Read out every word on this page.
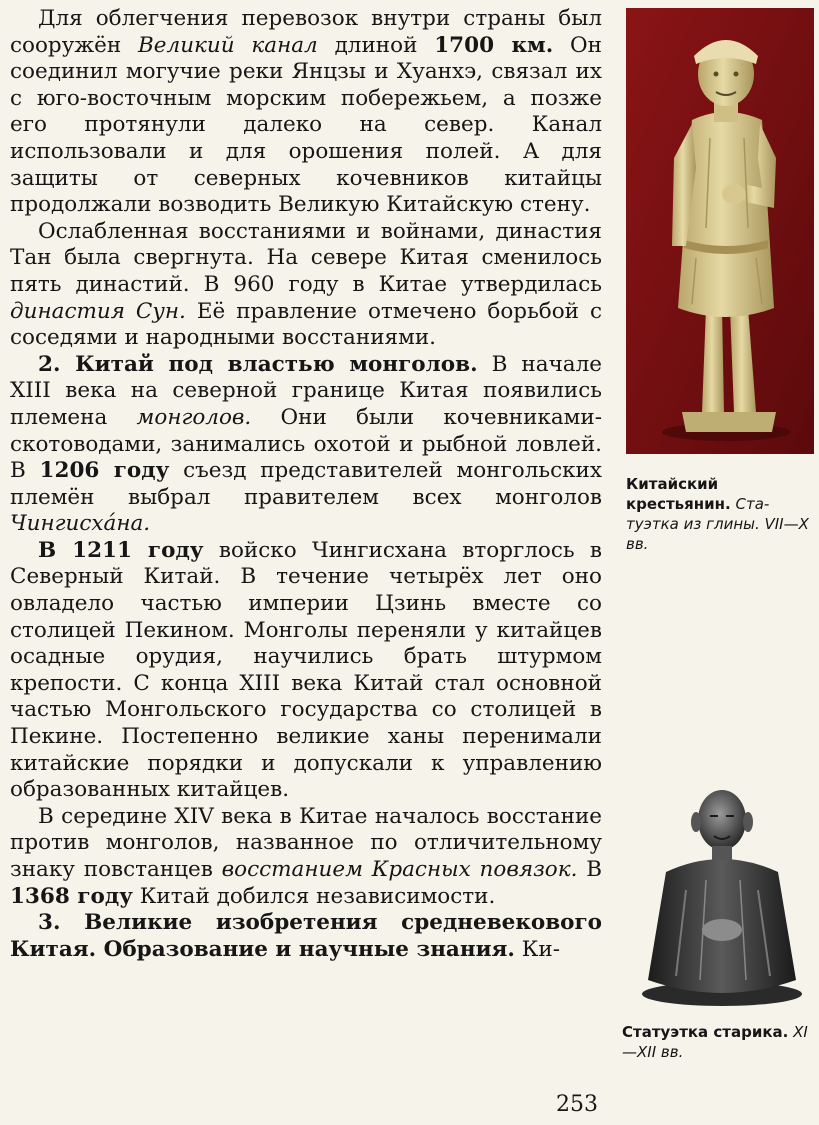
Для облегчения перевозок внутри страны был сооружён Великий канал длиной 1700 км. Он соединил могучие реки Янцзы и Хуанхэ, связал их с юго-восточным морским побережьем, а позже его протянули далеко на север. Канал использовали и для орошения полей. А для защиты от северных кочевников китайцы продолжали возводить Великую Китайскую стену.

Ослабленная восстаниями и войнами, династия Тан была свергнута. На севере Китая сменилось пять династий. В 960 году в Китае утвердилась династия Сун. Её правление отмечено борьбой с соседями и народными восстаниями.

2. Китай под властью монголов. В начале XIII века на северной границе Китая появились племена монголов. Они были кочевниками-скотоводами, занимались охотой и рыбной ловлей. В 1206 году съезд представителей монгольских племён выбрал правителем всех монголов Чингисха́на.

В 1211 году войско Чингисхана вторглось в Северный Китай. В течение четырёх лет оно овладело частью империи Цзинь вместе со столицей Пекином. Монголы переняли у китайцев осадные орудия, научились брать штурмом крепости. С конца XIII века Китай стал основной частью Монгольского государства со столицей в Пекине. Постепенно великие ханы перенимали китайские порядки и допускали к управлению образованных китайцев.

В середине XIV века в Китае началось восстание против монголов, названное по отличительному знаку повстанцев восстанием Красных повязок. В 1368 году Китай добился независимости.

3. Великие изобретения средневекового Китая. Образование и научные знания. Ки-

Китайский крестьянин. Статуэтка из глины. VII—X вв.
Статуэтка старика. XI—XII вв.
253
